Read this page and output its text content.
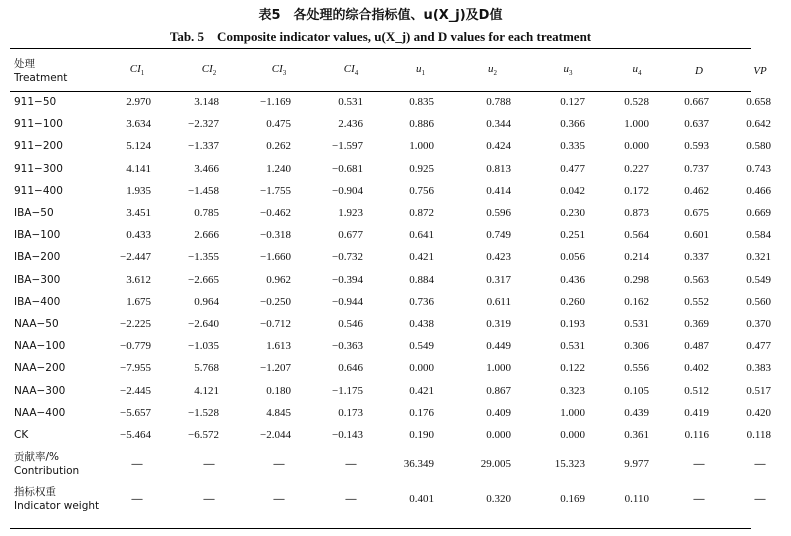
表5　各处理的综合指标值、u(X_j)及D值
Tab. 5　Composite indicator values, u(X_j) and D values for each treatment
处理
Treatment	$CI_1$	$CI_2$	$CI_3$	$CI_4$	$u_1$	$u_2$	$u_3$	$u_4$	D	VP
911−50	2.970	3.148	−1.169	0.531	0.835	0.788	0.127	0.528	0.667	0.658
911−100	3.634	−2.327	0.475	2.436	0.886	0.344	0.366	1.000	0.637	0.642
911−200	5.124	−1.337	0.262	−1.597	1.000	0.424	0.335	0.000	0.593	0.580
911−300	4.141	3.466	1.240	−0.681	0.925	0.813	0.477	0.227	0.737	0.743
911−400	1.935	−1.458	−1.755	−0.904	0.756	0.414	0.042	0.172	0.462	0.466
IBA−50	3.451	0.785	−0.462	1.923	0.872	0.596	0.230	0.873	0.675	0.669
IBA−100	0.433	2.666	−0.318	0.677	0.641	0.749	0.251	0.564	0.601	0.584
IBA−200	−2.447	−1.355	−1.660	−0.732	0.421	0.423	0.056	0.214	0.337	0.321
IBA−300	3.612	−2.665	0.962	−0.394	0.884	0.317	0.436	0.298	0.563	0.549
IBA−400	1.675	0.964	−0.250	−0.944	0.736	0.611	0.260	0.162	0.552	0.560
NAA−50	−2.225	−2.640	−0.712	0.546	0.438	0.319	0.193	0.531	0.369	0.370
NAA−100	−0.779	−1.035	1.613	−0.363	0.549	0.449	0.531	0.306	0.487	0.477
NAA−200	−7.955	5.768	−1.207	0.646	0.000	1.000	0.122	0.556	0.402	0.383
NAA−300	−2.445	4.121	0.180	−1.175	0.421	0.867	0.323	0.105	0.512	0.517
NAA−400	−5.657	−1.528	4.845	0.173	0.176	0.409	1.000	0.439	0.419	0.420
CK	−5.464	−6.572	−2.044	−0.143	0.190	0.000	0.000	0.361	0.116	0.118

贡献率/%
Contribution	—	—	—	—	36.349	29.005	15.323	9.977	—	—

指标权重
Indicator weight	—	—	—	—	0.401	0.320	0.169	0.110	—	—
